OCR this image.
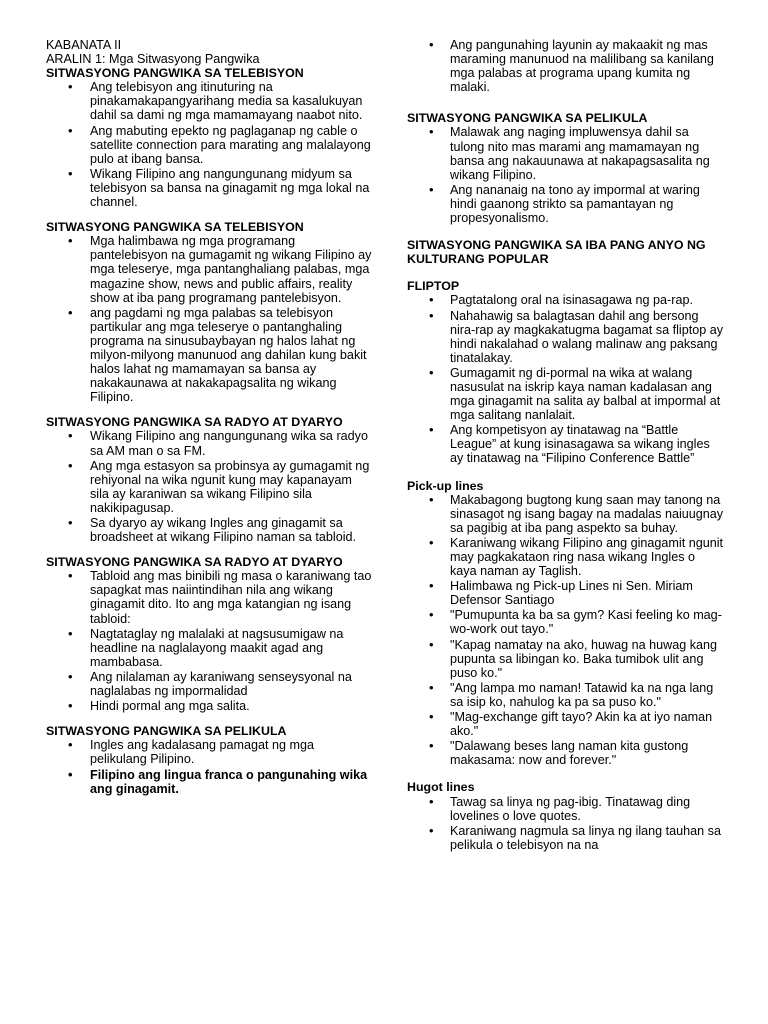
KABANATA II

ARALIN 1: Mga Sitwasyong Pangwika

SITWASYONG PANGWIKA SA TELEBISYON

• Ang telebisyon ang itinuturing na pinakamakapangyarihang media sa kasalukuyan dahil sa dami ng mga mamamayang naabot nito.
• Ang mabuting epekto ng paglaganap ng cable o satellite connection para marating ang malalayong pulo at ibang bansa.
• Wikang Filipino ang nangungunang midyum sa telebisyon sa bansa na ginagamit ng mga lokal na channel.

SITWASYONG PANGWIKA SA TELEBISYON

• Mga halimbawa ng mga programang pantelebisyon na gumagamit ng wikang Filipino ay mga teleserye, mga pantanghaliang palabas, mga magazine show, news and public affairs, reality show at iba pang programang pantelebisyon.
• ang pagdami ng mga palabas sa telebisyon partikular ang mga teleserye o pantanghaling programa na sinusubaybayan ng halos lahat ng milyon-milyong manunuod ang dahilan kung bakit halos lahat ng mamamayan sa bansa ay nakakaunawa at nakakapagsalita ng wikang Filipino.

SITWASYONG PANGWIKA SA RADYO AT DYARYO

• Wikang Filipino ang nangungunang wika sa radyo sa AM man o sa FM.
• Ang mga estasyon sa probinsya ay gumagamit ng rehiyonal na wika ngunit kung may kapanayam sila ay karaniwan sa wikang Filipino sila nakikipagusap.
• Sa dyaryo ay wikang Ingles ang ginagamit sa broadsheet at wikang Filipino naman sa tabloid.

SITWASYONG PANGWIKA SA RADYO AT DYARYO

• Tabloid ang mas binibili ng masa o karaniwang tao sapagkat mas naiintindihan nila ang wikang ginagamit dito. Ito ang mga katangian ng isang tabloid:
• Nagtataglay ng malalaki at nagsusumigaw na headline na naglalayong maakit agad ang mambabasa.
• Ang nilalaman ay karaniwang senseysyonal na naglalabas ng impormalidad
• Hindi pormal ang mga salita.

SITWASYONG PANGWIKA SA PELIKULA

• Ingles ang kadalasang pamagat ng mga pelikulang Pilipino.
• Filipino ang lingua franca o pangunahing wika ang ginagamit.
• Ang pangunahing layunin ay makaakit ng mas maraming manunuod na malilibang sa kanilang mga palabas at programa upang kumita ng malaki.

SITWASYONG PANGWIKA SA PELIKULA

• Malawak ang naging impluwensya dahil sa tulong nito mas marami ang mamamayan ng bansa ang nakauunawa at nakapagsasalita ng wikang Filipino.
• Ang nananaig na tono ay impormal at waring hindi gaanong strikto sa pamantayan ng propesyonalismo.

SITWASYONG PANGWIKA SA IBA PANG ANYO NG KULTURANG POPULAR

FLIPTOP

• Pagtatalong oral na isinasagawa ng pa-rap.
• Nahahawig sa balagtasan dahil ang bersong nira-rap ay magkakatugma bagamat sa fliptop ay hindi nakalahad o walang malinaw ang paksang tinatalakay.
• Gumagamit ng di-pormal na wika at walang nasusulat na iskrip kaya naman kadalasan ang mga ginagamit na salita ay balbal at impormal at mga salitang nanlalait.
• Ang kompetisyon ay tinatawag na “Battle League” at kung isinasagawa sa wikang ingles ay tinatawag na “Filipino Conference Battle”

Pick-up lines

• Makabagong bugtong kung saan may tanong na sinasagot ng isang bagay na madalas naiuugnay sa pagibig at iba pang aspekto sa buhay.
• Karaniwang wikang Filipino ang ginagamit ngunit may pagkakataon ring nasa wikang Ingles o kaya naman ay Taglish.
• Halimbawa ng Pick-up Lines ni Sen. Miriam Defensor Santiago
• "Pumupunta ka ba sa gym? Kasi feeling ko mag-wo-work out tayo."
• "Kapag namatay na ako, huwag na huwag kang pupunta sa libingan ko. Baka tumibok ulit ang puso ko."
• "Ang lampa mo naman! Tatawid ka na nga lang sa isip ko, nahulog ka pa sa puso ko."
• "Mag-exchange gift tayo? Akin ka at iyo naman ako."
• "Dalawang beses lang naman kita gustong makasama: now and forever."

Hugot lines

• Tawag sa linya ng pag-ibig. Tinatawag ding lovelines o love quotes.
• Karaniwang nagmula sa linya ng ilang tauhan sa pelikula o telebisyon na na
